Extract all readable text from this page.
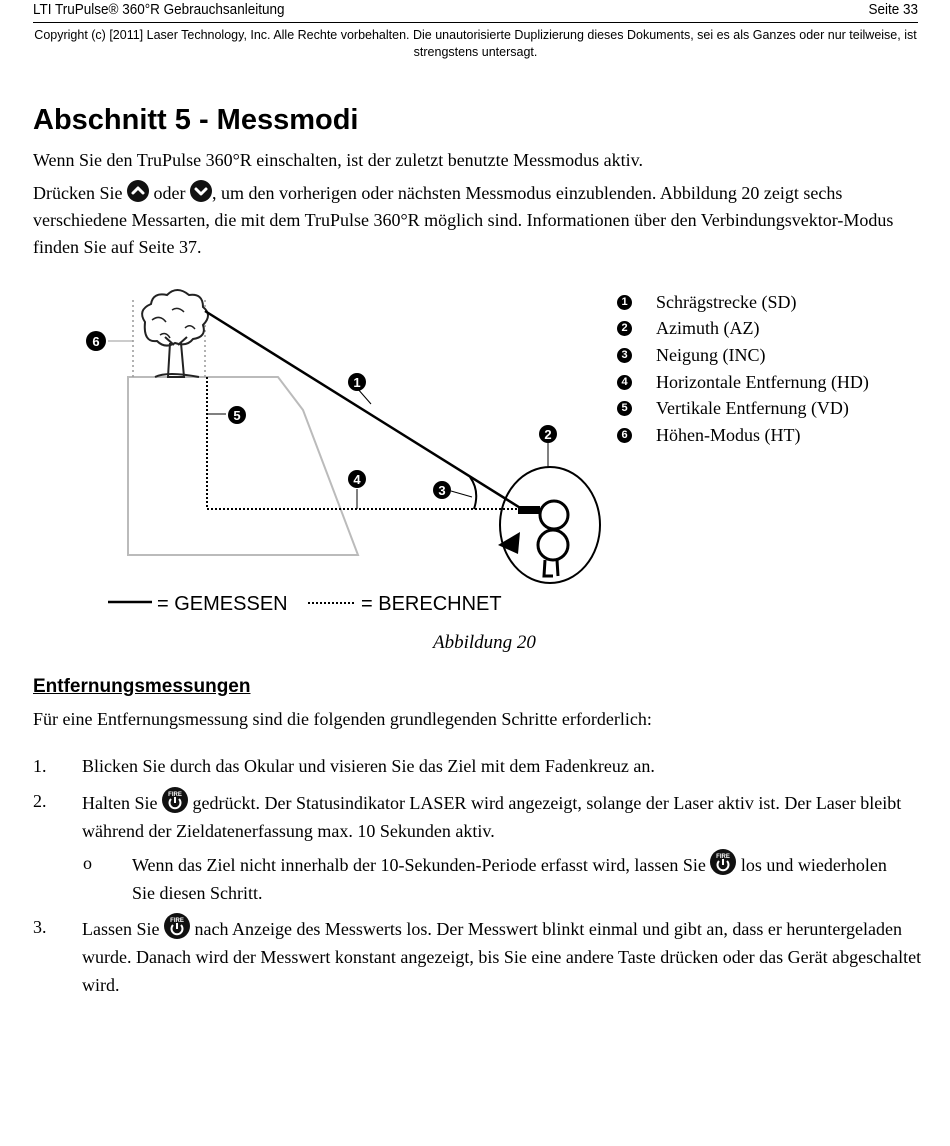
LTI TruPulse® 360°R Gebrauchsanleitung	Seite 33
Copyright (c) [2011] Laser Technology, Inc. Alle Rechte vorbehalten. Die unautorisierte Duplizierung dieses Dokuments, sei es als Ganzes oder nur teilweise, ist strengstens untersagt.
Abschnitt 5 - Messmodi
Wenn Sie den TruPulse 360°R einschalten, ist der zuletzt benutzte Messmodus aktiv.
Drücken Sie
oder
, um den vorherigen oder nächsten Messmodus einzublenden. Abbildung 20 zeigt sechs verschiedene Messarten, die mit dem TruPulse 360°R möglich sind. Informationen über den Verbindungsvektor-Modus finden Sie auf Seite 37.
1
2
3
4
5
6
= GEMESSEN	= BERECHNET
1 Schrägstrecke (SD)
2 Azimuth (AZ)
3 Neigung (INC)
4 Horizontale Entfernung (HD)
5 Vertikale Entfernung (VD)
6 Höhen-Modus (HT)
Abbildung 20
Entfernungsmessungen
Für eine Entfernungsmessung sind die folgenden grundlegenden Schritte erforderlich:
1. Blicken Sie durch das Okular und visieren Sie das Ziel mit dem Fadenkreuz an.
2. Halten Sie FIRE gedrückt. Der Statusindikator LASER wird angezeigt, solange der Laser aktiv ist. Der Laser bleibt während der Zieldatenerfassung max. 10 Sekunden aktiv.
o Wenn das Ziel nicht innerhalb der 10-Sekunden-Periode erfasst wird, lassen Sie FIRE los und wiederholen Sie diesen Schritt.
3. Lassen Sie FIRE nach Anzeige des Messwerts los. Der Messwert blinkt einmal und gibt an, dass er heruntergeladen wurde. Danach wird der Messwert konstant angezeigt, bis Sie eine andere Taste drücken oder das Gerät abgeschaltet wird.
